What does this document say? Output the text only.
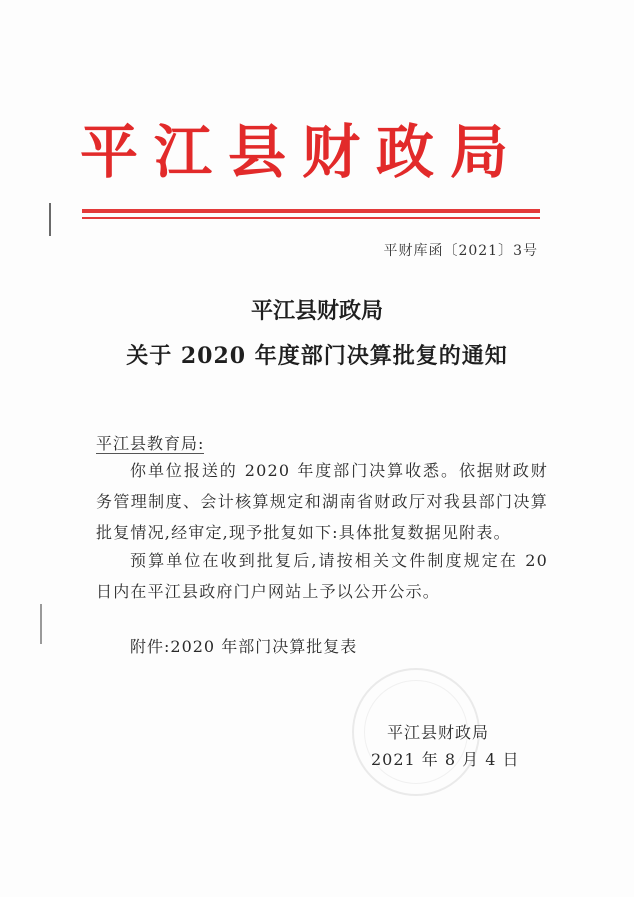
平江县财政局
平财库函〔2021〕3号
平江县财政局
关于 2020 年度部门决算批复的通知
平江县教育局:
你单位报送的 2020 年度部门决算收悉。依据财政财务管理制度、会计核算规定和湖南省财政厅对我县部门决算批复情况,经审定,现予批复如下:具体批复数据见附表。
预算单位在收到批复后,请按相关文件制度规定在 20 日内在平江县政府门户网站上予以公开公示。
附件:2020 年部门决算批复表
平江县财政局
2021 年 8 月 4 日
